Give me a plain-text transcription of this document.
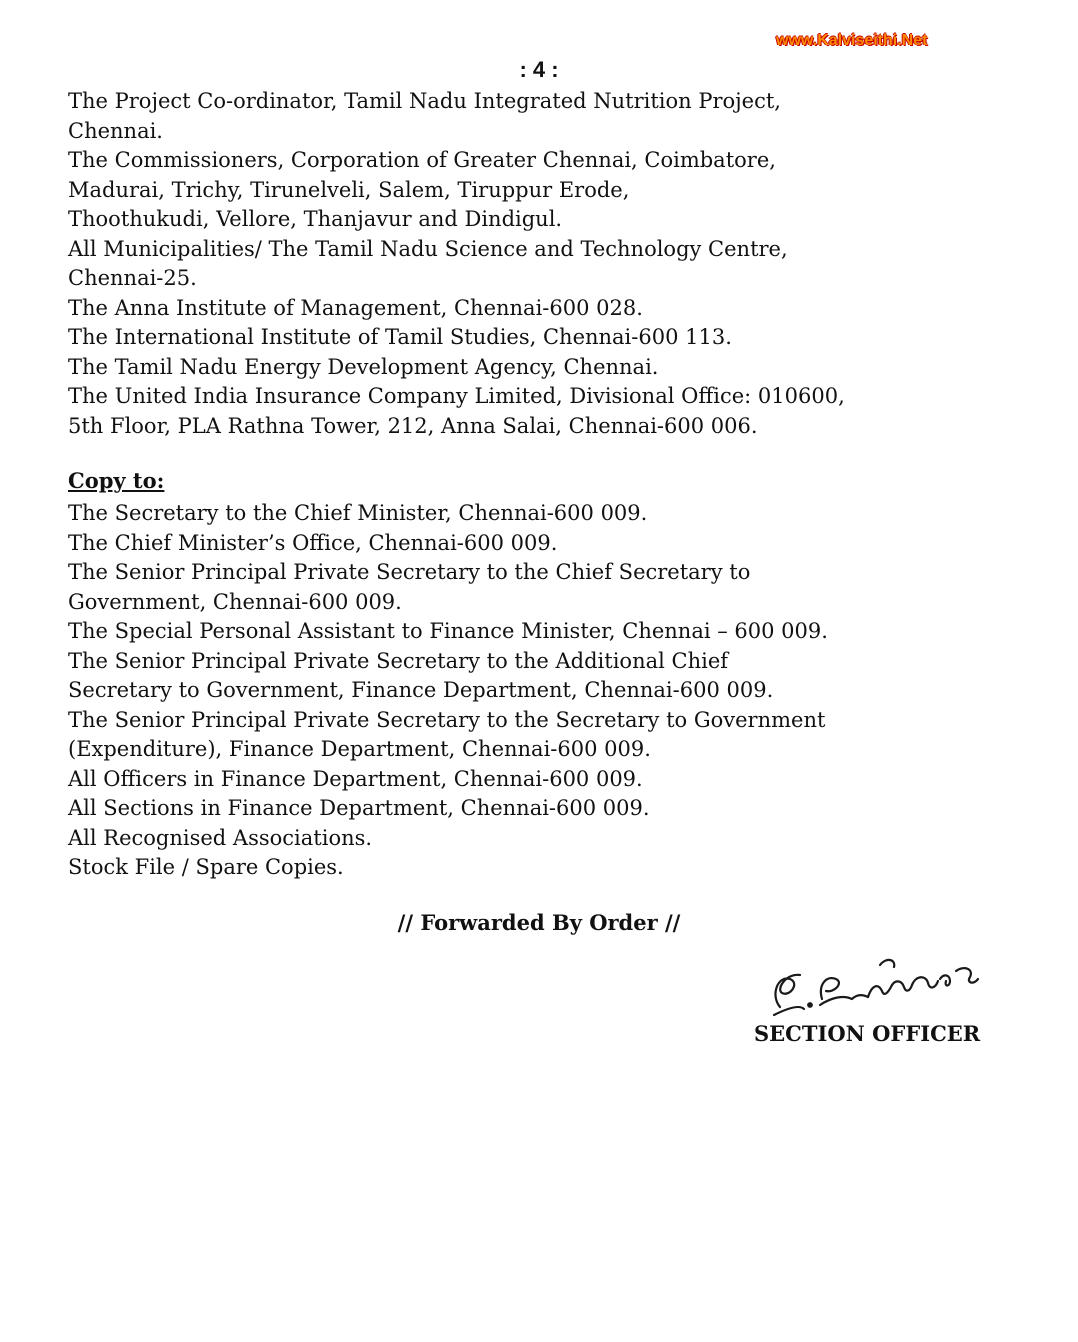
www.Kalviseithi.Net
: 4 :
The Project Co-ordinator, Tamil Nadu Integrated Nutrition Project,
Chennai.
The Commissioners, Corporation of Greater Chennai, Coimbatore,
Madurai, Trichy, Tirunelveli, Salem, Tiruppur Erode,
Thoothukudi, Vellore, Thanjavur and Dindigul.
All Municipalities/ The Tamil Nadu Science and Technology Centre,
Chennai-25.
The Anna Institute of Management, Chennai-600 028.
The International Institute of Tamil Studies, Chennai-600 113.
The Tamil Nadu Energy Development Agency, Chennai.
The United India Insurance Company Limited, Divisional Office: 010600,
5th Floor, PLA Rathna Tower, 212, Anna Salai, Chennai-600 006.
Copy to:
The Secretary to the Chief Minister, Chennai-600 009.
The Chief Minister’s Office, Chennai-600 009.
The Senior Principal Private Secretary to the Chief Secretary to
Government, Chennai-600 009.
The Special Personal Assistant to Finance Minister, Chennai – 600 009.
The Senior Principal Private Secretary to the Additional Chief
Secretary to Government, Finance Department, Chennai-600 009.
The Senior Principal Private Secretary to the Secretary to Government
(Expenditure), Finance Department, Chennai-600 009.
All Officers in Finance Department, Chennai-600 009.
All Sections in Finance Department, Chennai-600 009.
All Recognised Associations.
Stock File / Spare Copies.
// Forwarded By Order //
SECTION OFFICER
